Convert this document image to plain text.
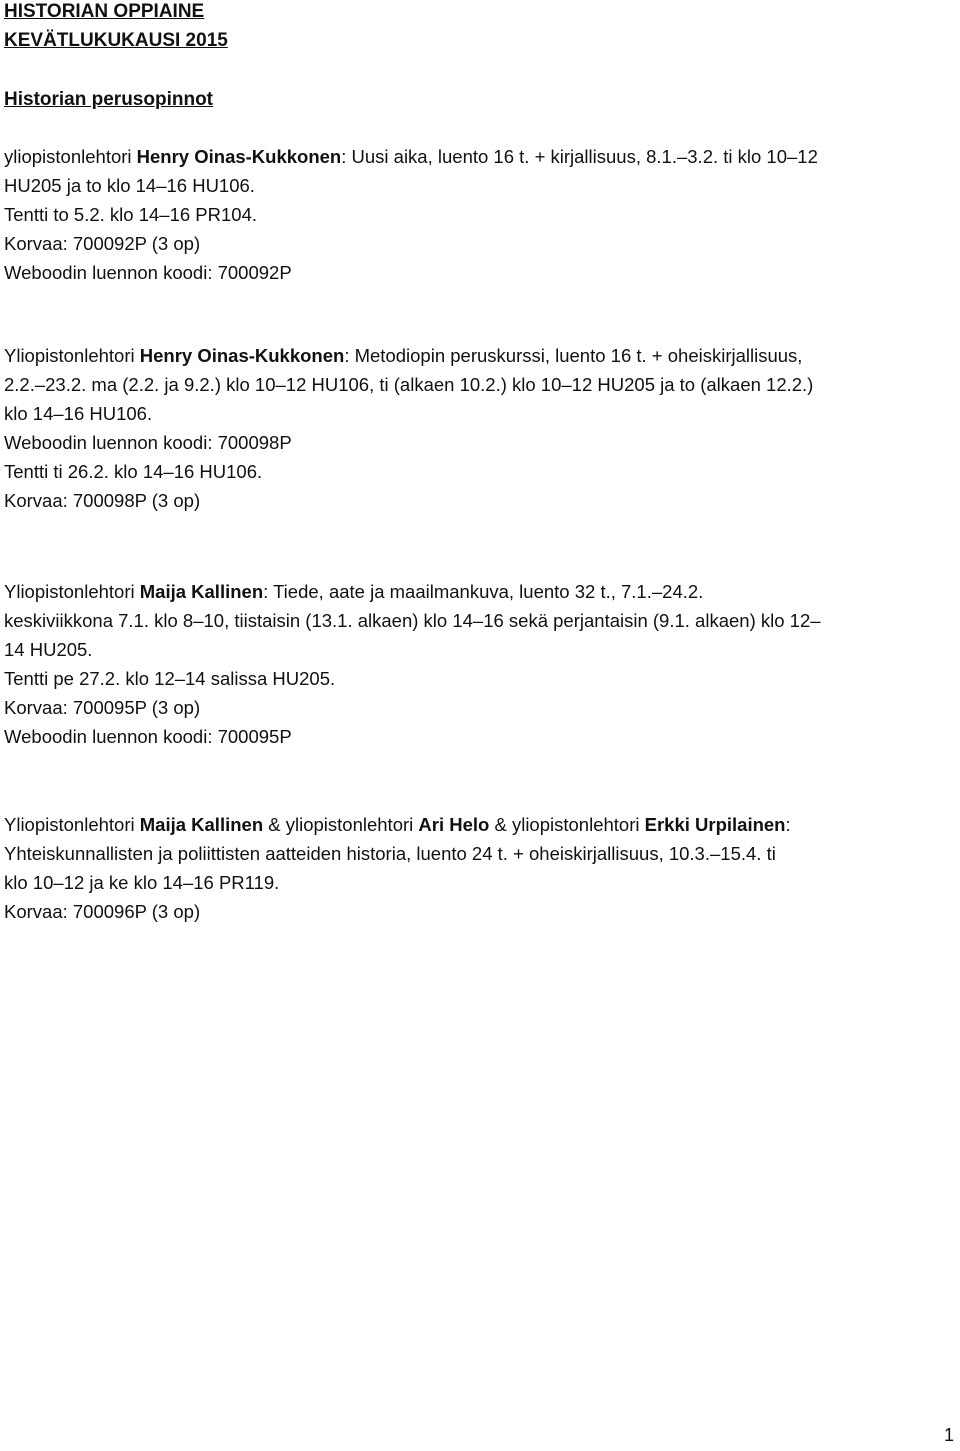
HISTORIAN OPPIAINE
KEVÄTLUKUKAUSI 2015
Historian perusopinnot
yliopistonlehtori Henry Oinas-Kukkonen: Uusi aika, luento 16 t. + kirjallisuus, 8.1.–3.2. ti klo 10–12
HU205 ja to klo 14–16 HU106.
Tentti to 5.2. klo 14–16 PR104.
Korvaa: 700092P (3 op)
Weboodin luennon koodi: 700092P
Yliopistonlehtori Henry Oinas-Kukkonen: Metodiopin peruskurssi, luento 16 t. + oheiskirjallisuus,
2.2.–23.2. ma (2.2. ja 9.2.) klo 10–12 HU106, ti (alkaen 10.2.) klo 10–12 HU205 ja to (alkaen 12.2.)
klo 14–16 HU106.
Weboodin luennon koodi: 700098P
Tentti ti 26.2. klo 14–16 HU106.
Korvaa: 700098P (3 op)
Yliopistonlehtori Maija Kallinen: Tiede, aate ja maailmankuva, luento 32 t., 7.1.–24.2.
keskiviikkona 7.1. klo 8–10, tiistaisin (13.1. alkaen) klo 14–16 sekä perjantaisin (9.1. alkaen) klo 12–
14 HU205.
Tentti pe 27.2. klo 12–14 salissa HU205.
Korvaa: 700095P (3 op)
Weboodin luennon koodi: 700095P
Yliopistonlehtori Maija Kallinen & yliopistonlehtori Ari Helo & yliopistonlehtori Erkki Urpilainen:
Yhteiskunnallisten ja poliittisten aatteiden historia, luento 24 t. + oheiskirjallisuus, 10.3.–15.4. ti
klo 10–12 ja ke klo 14–16 PR119.
Korvaa: 700096P (3 op)
1
